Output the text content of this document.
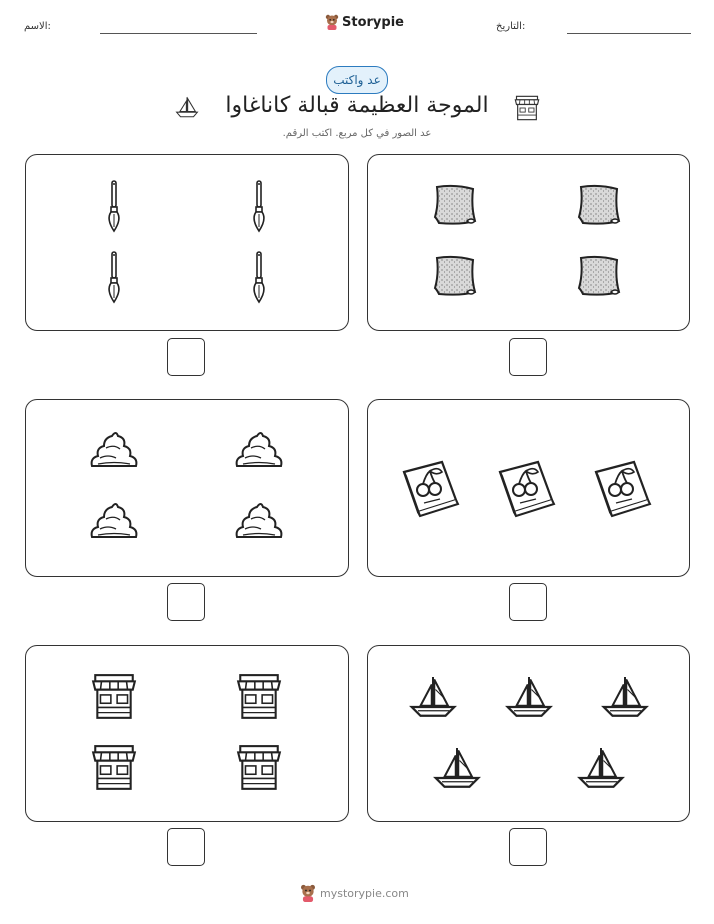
الاسم:	Storypie	التاريخ:
عد واكتب
الموجة العظيمة قبالة كاناغاوا
عد الصور في كل مربع. اكتب الرقم.
mystorypie.com
